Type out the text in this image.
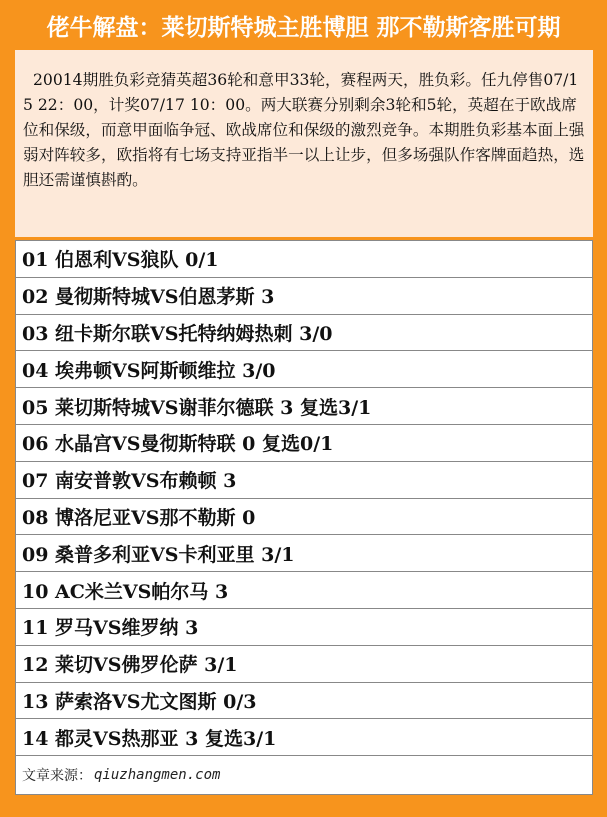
佬牛解盘：莱切斯特城主胜博胆 那不勒斯客胜可期
20014期胜负彩竞猜英超36轮和意甲33轮，赛程两天，胜负彩。任九停售07/15 22：00，计奖07/17 10：00。两大联赛分别剩余3轮和5轮，英超在于欧战席位和保级，而意甲面临争冠、欧战席位和保级的激烈竞争。本期胜负彩基本面上强弱对阵较多，欧指将有七场支持亚指半一以上让步，但多场强队作客牌面趋热，选胆还需谨慎斟酌。
01 伯恩利VS狼队 0/1
02 曼彻斯特城VS伯恩茅斯 3
03 纽卡斯尔联VS托特纳姆热刺 3/0
04 埃弗顿VS阿斯顿维拉 3/0
05 莱切斯特城VS谢菲尔德联 3 复选3/1
06 水晶宫VS曼彻斯特联 0 复选0/1
07 南安普敦VS布赖顿 3
08 博洛尼亚VS那不勒斯 0
09 桑普多利亚VS卡利亚里 3/1
10 AC米兰VS帕尔马 3
11 罗马VS维罗纳 3
12 莱切VS佛罗伦萨 3/1
13 萨索洛VS尤文图斯 0/3
14 都灵VS热那亚 3 复选3/1
文章来源： qiuzhangmen.com
